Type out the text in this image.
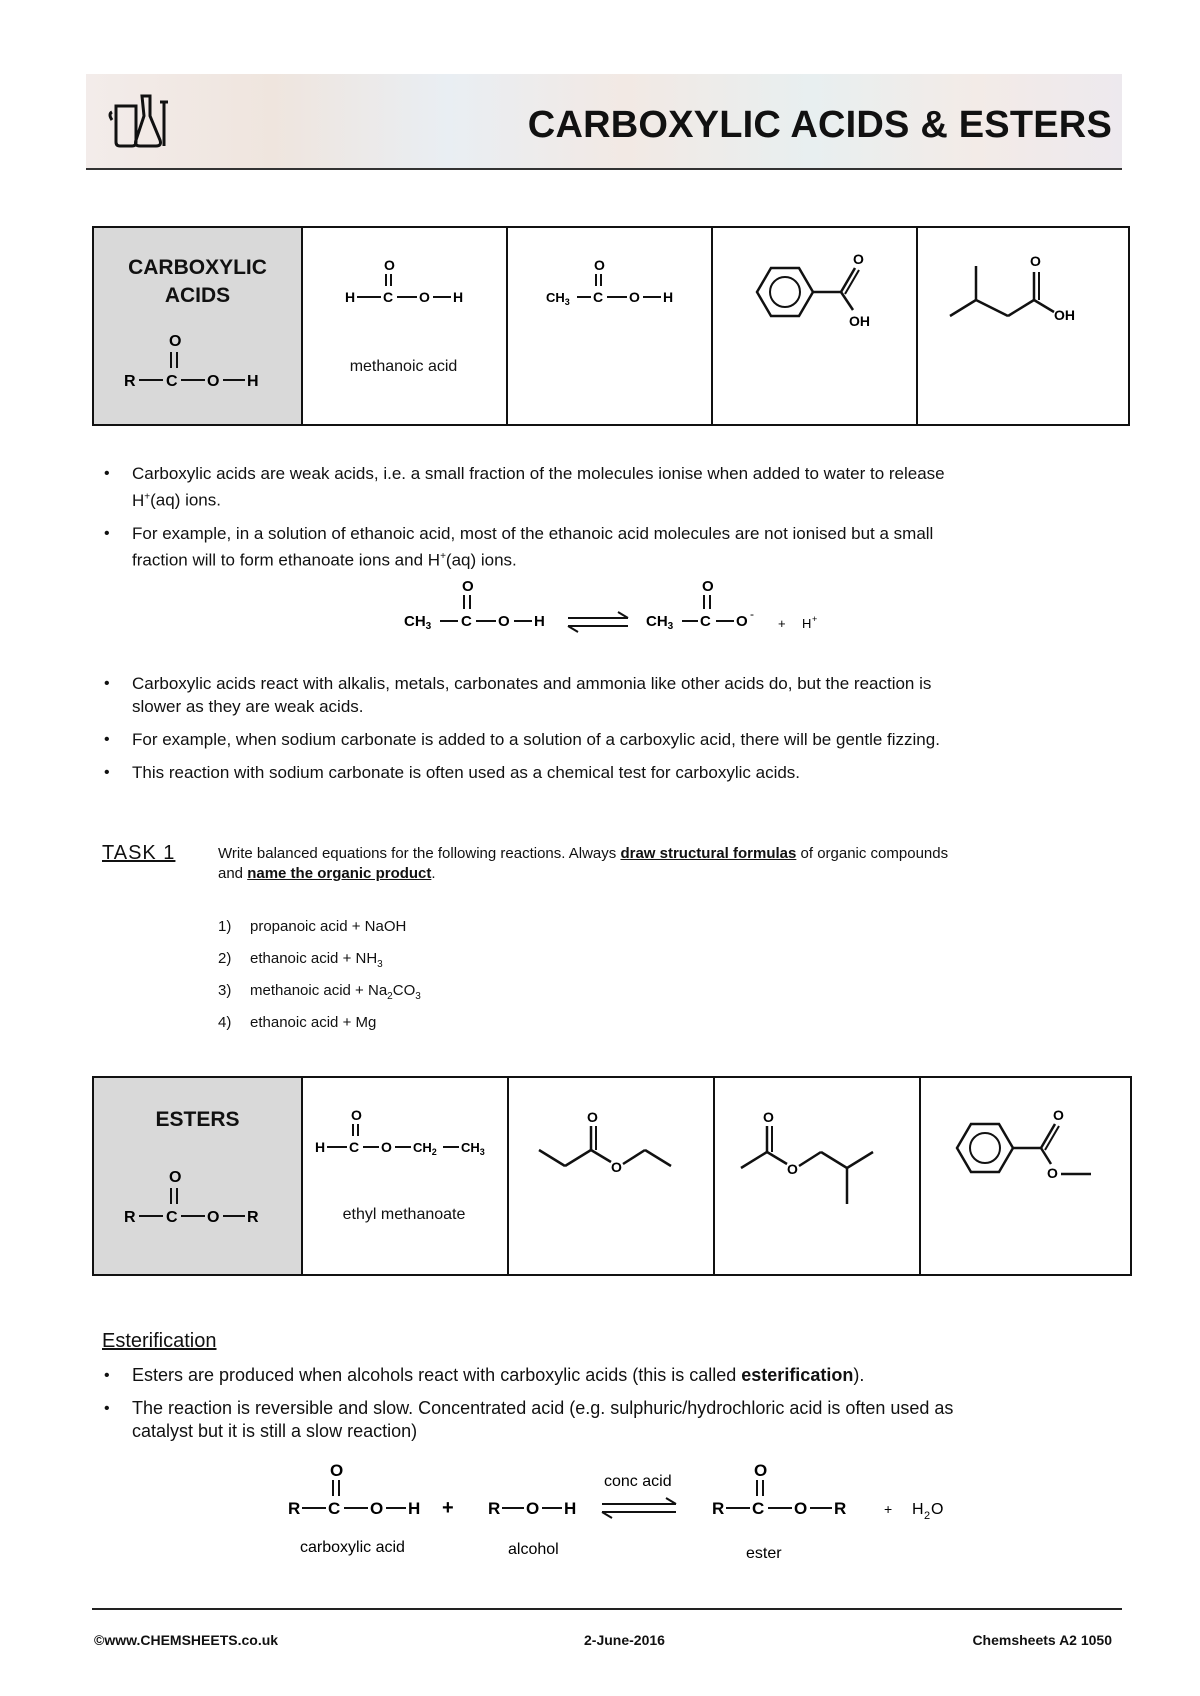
CARBOXYLIC ACIDS & ESTERS
CARBOXYLIC
ACIDS
O
R C O H
O
H C O H
methanoic acid
O
$CH_3$ C O H
O
OH
O
OH
• Carboxylic acids are weak acids, i.e. a small fraction of the molecules ionise when added to water to release
H+(aq) ions.
• For example, in a solution of ethanoic acid, most of the ethanoic acid molecules are not ionised but a small
fraction will to form ethanoate ions and H+(aq) ions.
O
$CH_3$ C O H
O
$CH_3$ C O -
+ H +
• Carboxylic acids react with alkalis, metals, carbonates and ammonia like other acids do, but the reaction is
slower as they are weak acids.
• For example, when sodium carbonate is added to a solution of a carboxylic acid, there will be gentle fizzing.
• This reaction with sodium carbonate is often used as a chemical test for carboxylic acids.
TASK 1	Write balanced equations for the following reactions. Always draw structural formulas of organic compounds
and name the organic product.
1) propanoic acid + NaOH
2) ethanoic acid + $NH_3$
3) methanoic acid + $Na_2CO_3$
4) ethanoic acid + Mg
ESTERS
O
R C O R
O
H C O $CH_2$ $CH_3$
ethyl methanoate
O
O
O
O
O
O
Esterification
• Esters are produced when alcohols react with carboxylic acids (this is called esterification).
• The reaction is reversible and slow. Concentrated acid (e.g. sulphuric/hydrochloric acid is often used as
catalyst but it is still a slow reaction)
O
R C O H
carboxylic acid
+ R O H
alcohol
conc acid
O
R C O R
ester
+ H 2 O
©www.CHEMSHEETS.co.uk	2-June-2016	Chemsheets A2 1050
